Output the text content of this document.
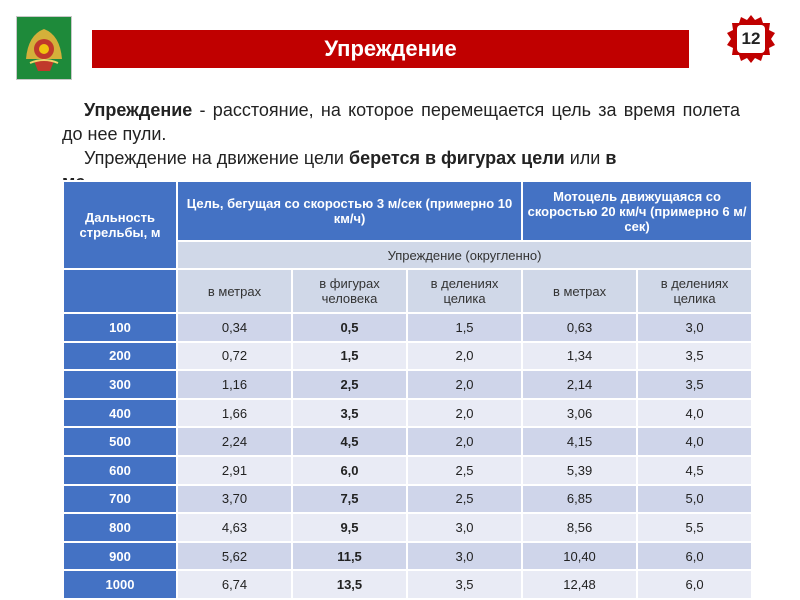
Упреждение	12

Упреждение - расстояние, на которое перемещается цель за время полета до нее пули.

Упреждение на движение цели берется в фигурах цели или в

Дальность стрельбы, м	Цель, бегущая со скоростью 3 м/сек (примерно 10 км/ч)			Мотоцель движущаяся со скоростью 20 км/ч (примерно 6 м/сек)	
	Упреждение (округленно)				
	в метрах	в фигурах человека	в делениях целика	в метрах	в делениях целика
100	0,34	0,5	1,5	0,63	3,0
200	0,72	1,5	2,0	1,34	3,5
300	1,16	2,5	2,0	2,14	3,5
400	1,66	3,5	2,0	3,06	4,0
500	2,24	4,5	2,0	4,15	4,0
600	2,91	6,0	2,5	5,39	4,5
700	3,70	7,5	2,5	6,85	5,0
800	4,63	9,5	3,0	8,56	5,5
900	5,62	11,5	3,0	10,40	6,0
1000	6,74	13,5	3,5	12,48	6,0
